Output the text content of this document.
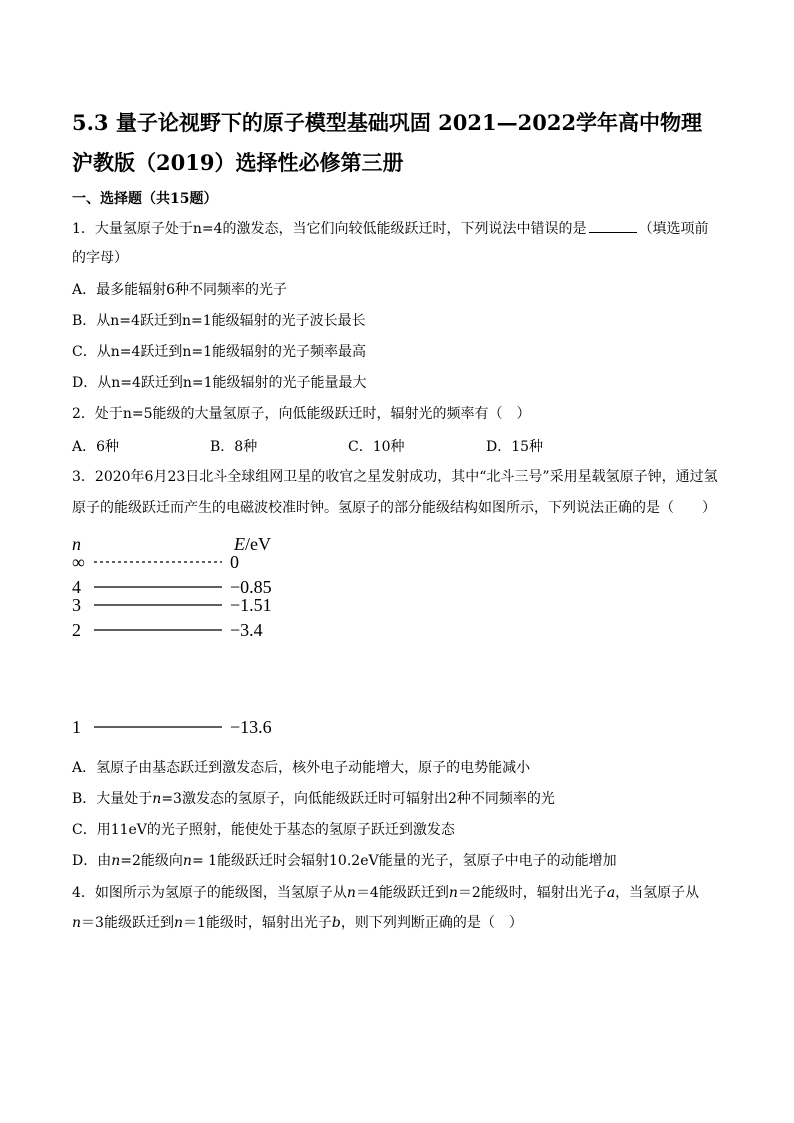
5.3 量子论视野下的原子模型基础巩固 2021—2022学年高中物理沪教版（2019）选择性必修第三册
一、选择题（共15题）
1．大量氢原子处于n=4的激发态，当它们向较低能级跃迁时，下列说法中错误的是	（填选项前
的字母）
A．最多能辐射6种不同频率的光子
B．从n=4跃迁到n=1能级辐射的光子波长最长
C．从n=4跃迁到n=1能级辐射的光子频率最高
D．从n=4跃迁到n=1能级辐射的光子能量最大
2．处于n=5能级的大量氢原子，向低能级跃迁时，辐射光的频率有（　）
A．6种	B．8种	C．10种	D．15种
3．2020年6月23日北斗全球组网卫星的收官之星发射成功，其中“北斗三号”采用星载氢原子钟，通过氢
原子的能级跃迁而产生的电磁波校准时钟。氢原子的部分能级结构如图所示，下列说法正确的是（　　）
n	E/eV
∞	0
4	−0.85
3	−1.51
2	−3.4
1	−13.6
A．氢原子由基态跃迁到激发态后，核外电子动能增大，原子的电势能减小
B．大量处于n=3激发态的氢原子，向低能级跃迁时可辐射出2种不同频率的光
C．用11eV的光子照射，能使处于基态的氢原子跃迁到激发态
D．由n=2能级向n= 1能级跃迁时会辐射10.2eV能量的光子，氢原子中电子的动能增加
4．如图所示为氢原子的能级图，当氢原子从n＝4能级跃迁到n＝2能级时，辐射出光子a，当氢原子从
n＝3能级跃迁到n＝1能级时，辐射出光子b，则下列判断正确的是（　）
